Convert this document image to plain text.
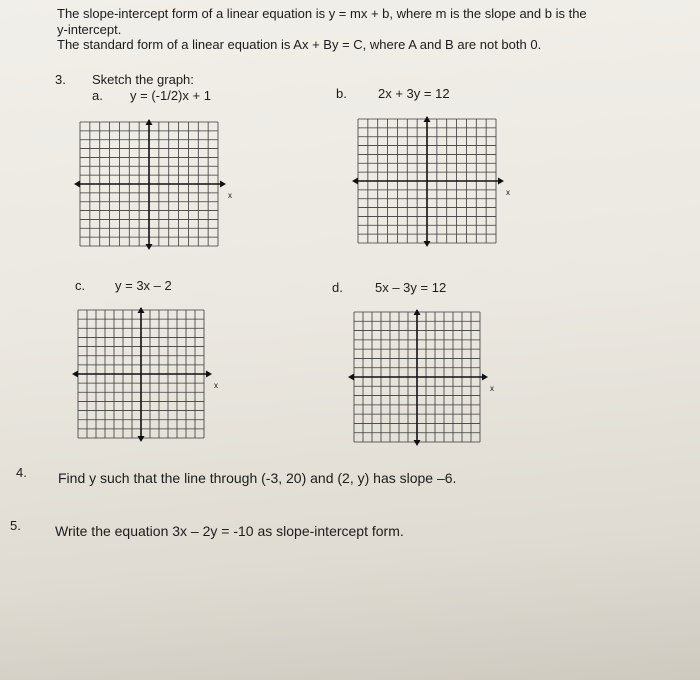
The slope-intercept form of a linear equation is y = mx + b, where m is the slope and b is the
y-intercept.
The standard form of a linear equation is Ax + By = C, where A and B are not both 0.
3. Sketch the graph:
a. y = (-1/2)x + 1	b. 2x + 3y = 12
c. y = 3x – 2	d. 5x – 3y = 12
x	x
x	x
4. Find y such that the line through (-3, 20) and (2, y) has slope –6.
5. Write the equation 3x – 2y = -10 as slope-intercept form.
